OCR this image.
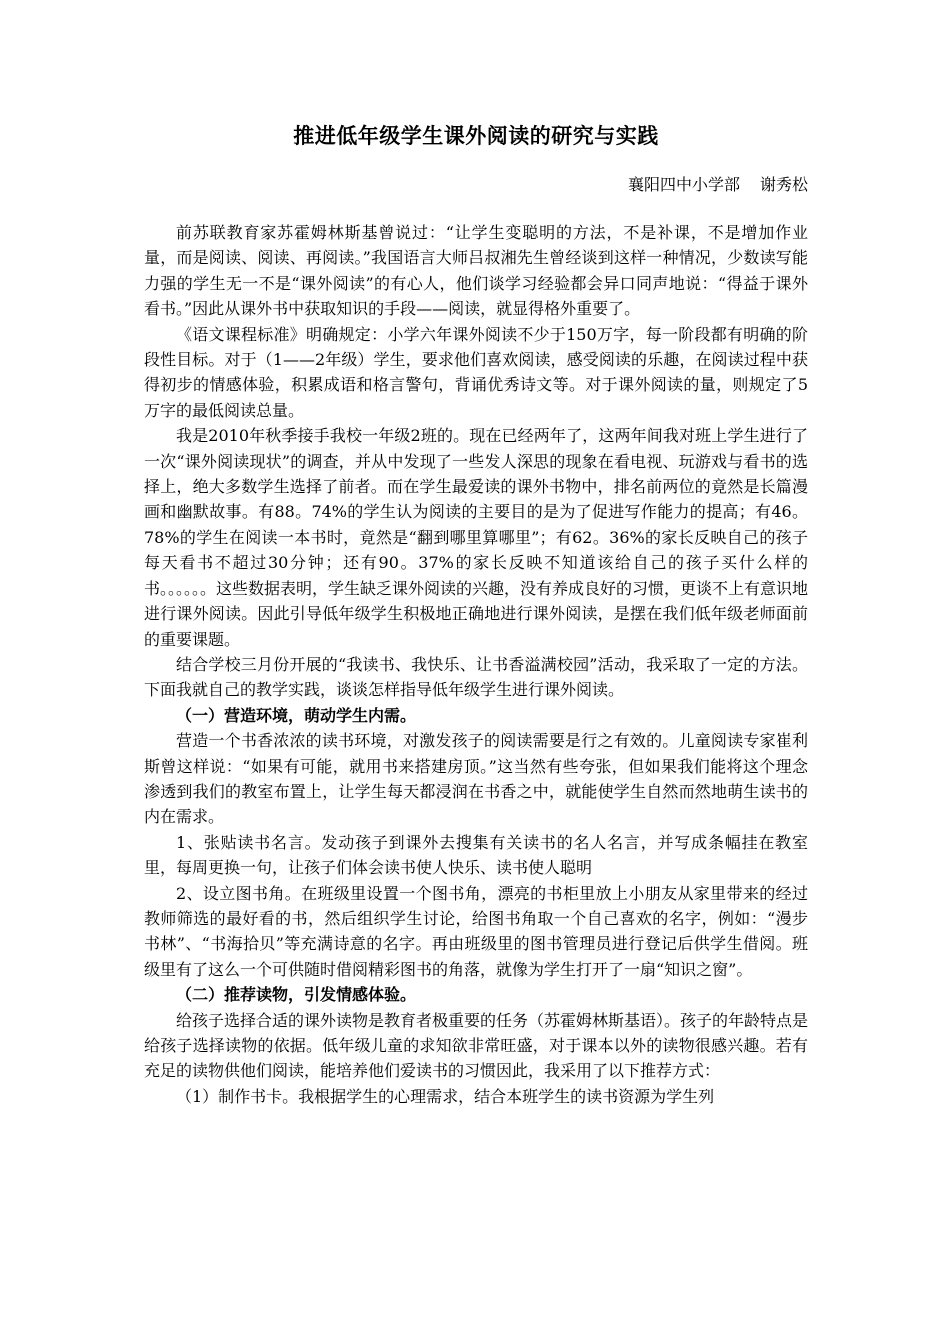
推进低年级学生课外阅读的研究与实践
襄阳四中小学部 谢秀松

前苏联教育家苏霍姆林斯基曾说过：“让学生变聪明的方法，不是补课，不是增加作业量，而是阅读、阅读、再阅读。”我国语言大师吕叔湘先生曾经谈到这样一种情况，少数读写能力强的学生无一不是“课外阅读”的有心人，他们谈学习经验都会异口同声地说：“得益于课外看书。”因此从课外书中获取知识的手段——阅读，就显得格外重要了。

《语文课程标准》明确规定：小学六年课外阅读不少于150万字，每一阶段都有明确的阶段性目标。对于（1——2年级）学生，要求他们喜欢阅读，感受阅读的乐趣，在阅读过程中获得初步的情感体验，积累成语和格言警句，背诵优秀诗文等。对于课外阅读的量，则规定了5万字的最低阅读总量。

我是2010年秋季接手我校一年级2班的。现在已经两年了，这两年间我对班上学生进行了一次“课外阅读现状”的调查，并从中发现了一些发人深思的现象在看电视、玩游戏与看书的选择上，绝大多数学生选择了前者。而在学生最爱读的课外书物中，排名前两位的竟然是长篇漫画和幽默故事。有88。74%的学生认为阅读的主要目的是为了促进写作能力的提高；有46。78%的学生在阅读一本书时，竟然是“翻到哪里算哪里”；有62。36%的家长反映自己的孩子每天看书不超过30分钟；还有90。37%的家长反映不知道该给自己的孩子买什么样的书。。。。。。这些数据表明，学生缺乏课外阅读的兴趣，没有养成良好的习惯，更谈不上有意识地进行课外阅读。因此引导低年级学生积极地正确地进行课外阅读，是摆在我们低年级老师面前的重要课题。

结合学校三月份开展的“我读书、我快乐、让书香溢满校园”活动，我采取了一定的方法。下面我就自己的教学实践，谈谈怎样指导低年级学生进行课外阅读。

（一）营造环境，萌动学生内需。

营造一个书香浓浓的读书环境，对激发孩子的阅读需要是行之有效的。儿童阅读专家崔利斯曾这样说：“如果有可能，就用书来搭建房顶。”这当然有些夸张，但如果我们能将这个理念渗透到我们的教室布置上，让学生每天都浸润在书香之中，就能使学生自然而然地萌生读书的内在需求。

1、张贴读书名言。发动孩子到课外去搜集有关读书的名人名言，并写成条幅挂在教室里，每周更换一句，让孩子们体会读书使人快乐、读书使人聪明

2、设立图书角。在班级里设置一个图书角，漂亮的书柜里放上小朋友从家里带来的经过教师筛选的最好看的书，然后组织学生讨论，给图书角取一个自己喜欢的名字，例如：“漫步书林”、“书海拾贝”等充满诗意的名字。再由班级里的图书管理员进行登记后供学生借阅。班级里有了这么一个可供随时借阅精彩图书的角落，就像为学生打开了一扇“知识之窗”。

（二）推荐读物，引发情感体验。

给孩子选择合适的课外读物是教育者极重要的任务（苏霍姆林斯基语）。孩子的年龄特点是给孩子选择读物的依据。低年级儿童的求知欲非常旺盛，对于课本以外的读物很感兴趣。若有充足的读物供他们阅读，能培养他们爱读书的习惯因此，我采用了以下推荐方式：

（1）制作书卡。我根据学生的心理需求，结合本班学生的读书资源为学生列
